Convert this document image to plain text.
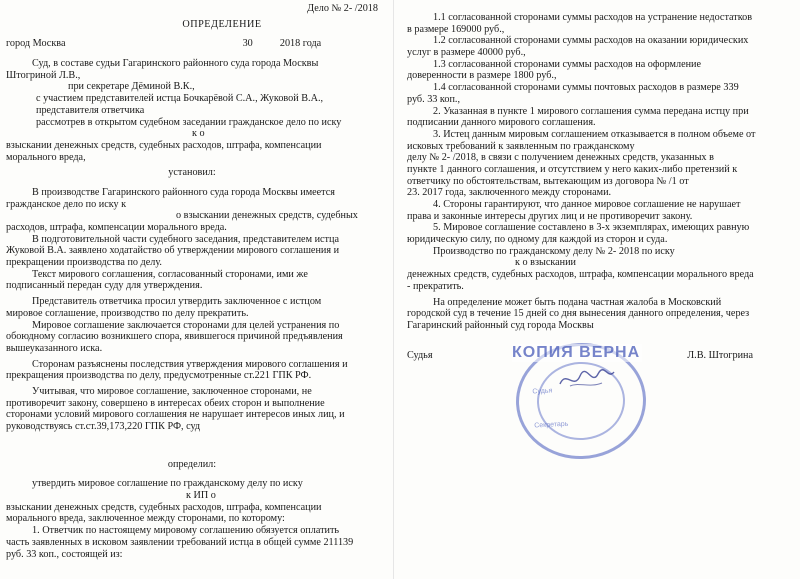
Дело № 2- /2018
ОПРЕДЕЛЕНИЕ
город Москва	30	2018 года
Суд, в составе судьи Гагаринского районного суда города Москвы
Штогриной Л.В.,
при секретаре Дёминой В.К.,
с участием представителей истца Бочкарёвой С.А., Жуковой В.А.,
представителя ответчика
рассмотрев в открытом судебном заседании гражданское дело по иску
к о
взыскании денежных средств, судебных расходов, штрафа, компенсации
морального вреда,
установил:
В производстве Гагаринского районного суда города Москвы имеется
гражданское дело по иску к
о взыскании денежных средств, судебных
расходов, штрафа, компенсации морального вреда.
В подготовительной части судебного заседания, представителем истца
Жуковой В.А. заявлено ходатайство об утверждении мирового соглашения и
прекращении производства по делу.
Текст мирового соглашения, согласованный сторонами, ими же
подписанный передан суду для утверждения.
Представитель ответчика просил утвердить заключенное с истцом
мировое соглашение, производство по делу прекратить.
Мировое соглашение заключается сторонами для целей устранения по
обоюдному согласию возникшего спора, явившегося причиной предъявления
вышеуказанного иска.
Сторонам разъяснены последствия утверждения мирового соглашения и
прекращения производства по делу, предусмотренные ст.221 ГПК РФ.
Учитывая, что мировое соглашение, заключенное сторонами, не
противоречит закону, совершено в интересах обеих сторон и выполнение
сторонами условий мирового соглашения не нарушает интересов иных лиц, и
руководствуясь ст.ст.39,173,220 ГПК РФ, суд
определил:
утвердить мировое соглашение по гражданскому делу по иску
к ИП о
взыскании денежных средств, судебных расходов, штрафа, компенсации
морального вреда, заключенное между сторонами, по которому:
1. Ответчик по настоящему мировому соглашению обязуется оплатить
часть заявленных в исковом заявлении требований истца в общей сумме 211139
руб. 33 коп., состоящей из:
1.1 согласованной сторонами суммы расходов на устранение недостатков
в размере 169000 руб.,
1.2 согласованной сторонами суммы расходов на оказании юридических
услуг в размере 40000 руб.,
1.3 согласованной сторонами суммы расходов на оформление
доверенности в размере 1800 руб.,
1.4 согласованной сторонами суммы почтовых расходов в размере 339
руб. 33 коп.,
2. Указанная в пункте 1 мирового соглашения сумма передана истцу при
подписании данного мирового соглашения.
3. Истец данным мировым соглашением отказывается в полном объеме от
исковых требований к заявленным по гражданскому
делу № 2- /2018, в связи с получением денежных средств, указанных в
пункте 1 данного соглашения, и отсутствием у него каких-либо претензий к
ответчику по обстоятельствам, вытекающим из договора № /1 от
23. 2017 года, заключенного между сторонами.
4. Стороны гарантируют, что данное мировое соглашение не нарушает
права и законные интересы других лиц и не противоречит закону.
5. Мировое соглашение составлено в 3-х экземплярах, имеющих равную
юридическую силу, по одному для каждой из сторон и суда.
Производство по гражданскому делу № 2- 2018 по иску
к о взыскании
денежных средств, судебных расходов, штрафа, компенсации морального вреда
- прекратить.
На определение может быть подана частная жалоба в Московский
городской суд в течение 15 дней со дня вынесения данного определения, через
Гагаринский районный суд города Москвы
Судья	Л.В. Штогрина
Судья
Секретарь
КОПИЯ ВЕРНА
